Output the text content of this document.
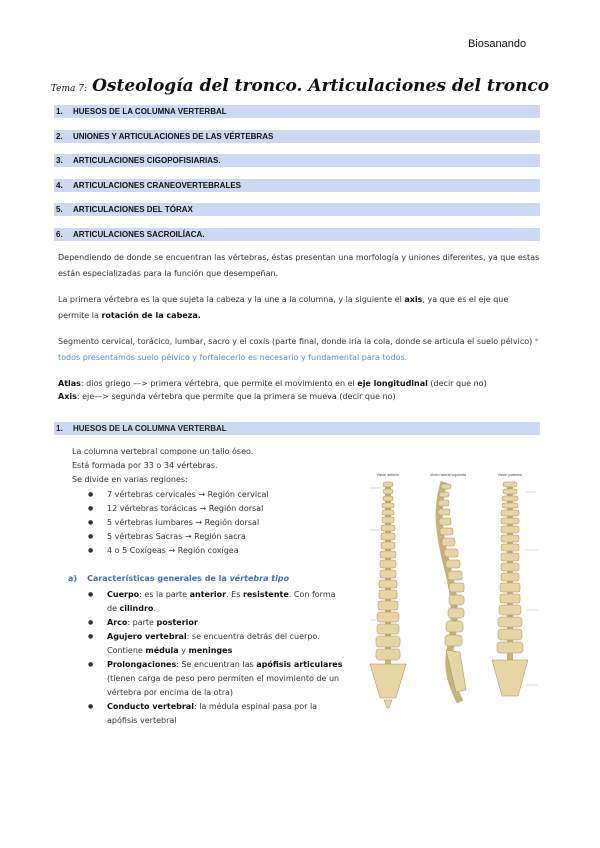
Biosanando
Tema 7: Osteología del tronco. Articulaciones del tronco
1.	HUESOS DE LA COLUMNA VERTERBAL
2.	UNIONES Y ARTICULACIONES DE LAS VÉRTEBRAS
3.	ARTICULACIONES CIGOPOFISIARIAS.
4.	ARTICULACIONES CRANEOVERTEBRALES
5.	ARTICULACIONES DEL TÓRAX
6.	ARTICULACIONES SACROILÍACA.
Dependiendo de donde se encuentran las vértebras, éstas presentan una morfología y uniones diferentes, ya que estas están especializadas para la función que desempeñan.
La primera vértebra es la que sujeta la cabeza y la une a la columna, y la siguiente el axis, ya que es el eje que permite la rotación de la cabeza.
Segmento cervical, torácico, lumbar, sacro y el coxis (parte final, donde iría la cola, donde se articula el suelo pélvico) * todos presentamos suelo pélvico y fortalecerlo es necesario y fundamental para todos.
Atlas: dios griego —> primera vértebra, que permite el movimiento en el eje longitudinal (decir que no)
Axis: eje—> segunda vértebra que permite que la primera se mueva (decir que no)
1.	HUESOS DE LA COLUMNA VERTERBAL
La columna vertebral compone un tallo óseo.
Está formada por 33 o 34 vértebras.
Se divide en varias regiones:
● 7 vértebras cervicales → Región cervical
● 12 vértebras torácicas → Región dorsal
● 5 vértebras lumbares → Región dorsal
● 5 vértebras Sacras → Región sacra
● 4 o 5 Coxígeas → Región coxígea
a) Características generales de la vértebra tipo
● Cuerpo: es la parte anterior. Es resistente. Con forma de cilindro.
● Arco: parte posterior
● Agujero vertebral: se encuentra detrás del cuerpo. Contiene médula y meninges
● Prolongaciones: Se encuentran las apófisis articulares (tienen carga de peso pero permiten el movimiento de un vértebra por encima de la otra)
● Conducto vertebral: la médula espinal pasa por la apófisis vertebral
Visión anterior	Visión lateral izquierda	Visión posterior
